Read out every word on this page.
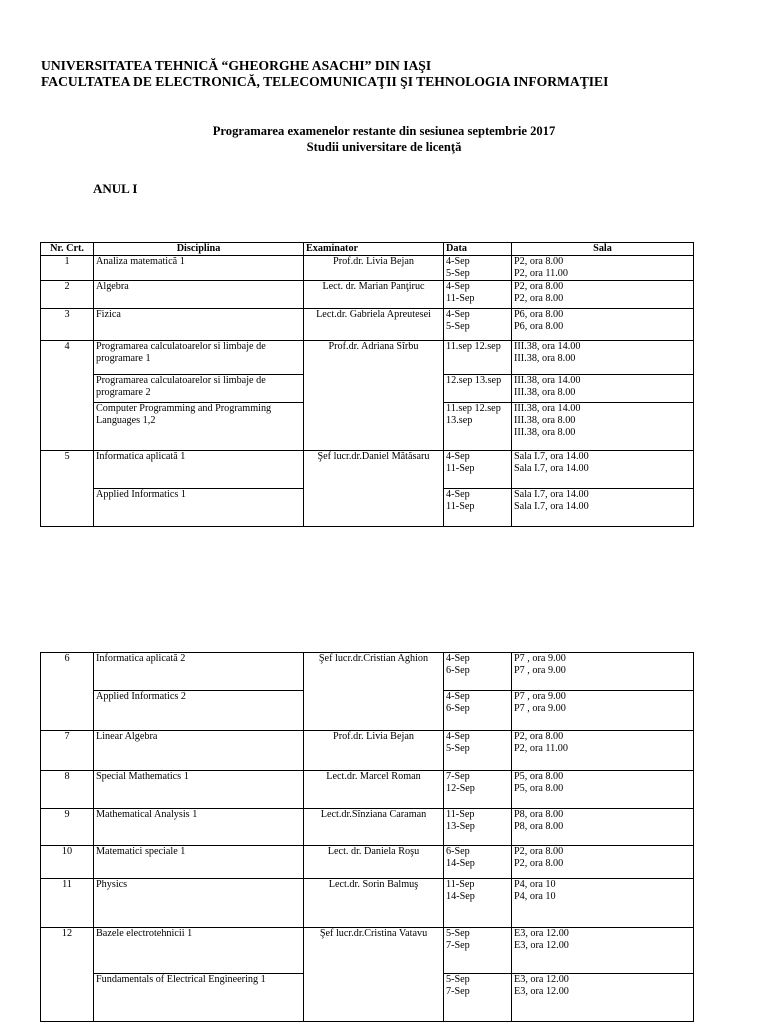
UNIVERSITATEA TEHNICĂ “GHEORGHE ASACHI” DIN IAŞI
FACULTATEA DE ELECTRONICĂ, TELECOMUNICAŢII ŞI TEHNOLOGIA INFORMAŢIEI
Programarea examenelor restante din sesiunea septembrie 2017
Studii universitare de licenţă
ANUL I
Nr. Crt.	Disciplina	Examinator	Data	Sala
1	Analiza matematică 1	Prof.dr. Livia Bejan	4-Sep
5-Sep	P2, ora 8.00
P2, ora 11.00

2	Algebra	Lect. dr. Marian Panţiruc	4-Sep
11-Sep	P2, ora 8.00
P2, ora 8.00

3	Fizica	Lect.dr. Gabriela Apreutesei	4-Sep
5-Sep	P6, ora 8.00
P6, ora 8.00

4	Programarea calculatoarelor si limbaje de
programare 1	Prof.dr. Adriana Sîrbu	11.sep 12.sep	III.38, ora 14.00
III.38, ora 8.00

	Programarea calculatoarelor si limbaje de
programare 2		12.sep 13.sep	III.38, ora 14.00
III.38, ora 8.00

	Computer Programming and Programming
Languages 1,2		11.sep 12.sep
13.sep	III.38, ora 14.00
III.38, ora 8.00
III.38, ora 8.00

5	Informatica aplicată 1	Şef lucr.dr.Daniel Mătăsaru	4-Sep
11-Sep	Sala I.7, ora 14.00
Sala I.7, ora 14.00

	Applied Informatics 1		4-Sep
11-Sep	Sala I.7, ora 14.00
Sala I.7, ora 14.00
6	Informatica aplicată 2	Şef lucr.dr.Cristian Aghion	4-Sep
6-Sep	P7 , ora 9.00
P7 , ora 9.00

	Applied Informatics 2		4-Sep
6-Sep	P7 , ora 9.00
P7 , ora 9.00

7	Linear Algebra	Prof.dr. Livia Bejan	4-Sep
5-Sep	P2, ora 8.00
P2, ora 11.00

8	Special Mathematics 1	Lect.dr. Marcel Roman	7-Sep
12-Sep	P5, ora 8.00
P5, ora 8.00

9	Mathematical Analysis 1	Lect.dr.Sînziana Caraman	11-Sep
13-Sep	P8, ora 8.00
P8, ora 8.00

10	Matematici speciale 1	Lect. dr. Daniela Roşu	6-Sep
14-Sep	P2, ora 8.00
P2, ora 8.00

11	Physics	Lect.dr. Sorin Balmuş	11-Sep
14-Sep	P4, ora 10
P4, ora 10

12	Bazele electrotehnicii 1	Şef lucr.dr.Cristina Vatavu	5-Sep
7-Sep	E3, ora 12.00
E3, ora 12.00

	Fundamentals of Electrical Engineering 1		5-Sep
7-Sep	E3, ora 12.00
E3, ora 12.00
